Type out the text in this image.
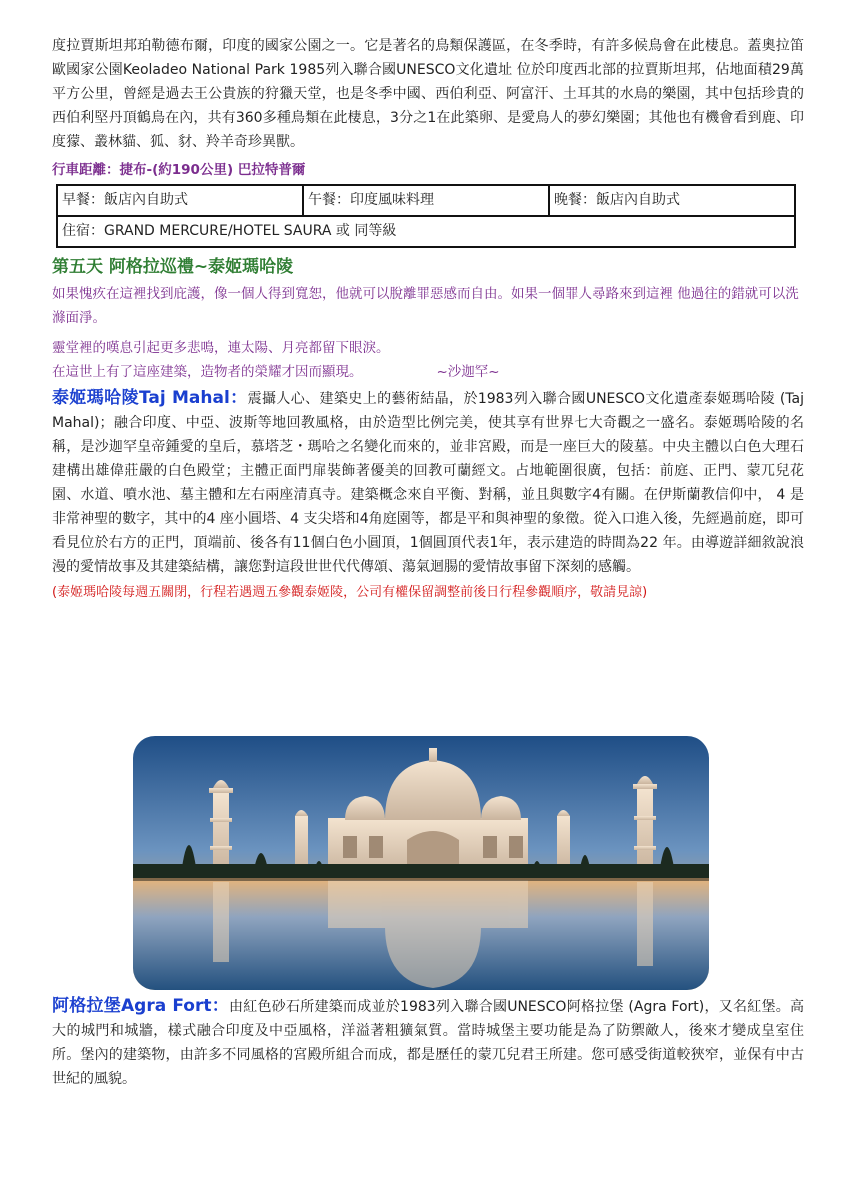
度拉賈斯坦邦珀勒德布爾，印度的國家公園之一。它是著名的鳥類保護區，在冬季時，有許多候鳥會在此棲息。蓋奧拉笛歐國家公園Keoladeo National Park 1985列入聯合國UNESCO文化遺址 位於印度西北部的拉賈斯坦邦，佔地面積29萬平方公里，曾經是過去王公貴族的狩獵天堂，也是冬季中國、西伯利亞、阿富汗、土耳其的水鳥的樂園，其中包括珍貴的西伯利堅丹頂鶴鳥在內，共有360多種鳥類在此棲息，3分之1在此築卵、是愛鳥人的夢幻樂園；其他也有機會看到鹿、印度獴、叢林貓、狐、豺、羚羊奇珍異獸。

行車距離：捷布-(約190公里) 巴拉特普爾
早餐：飯店內自助式	午餐：印度風味料理	晚餐：飯店內自助式
住宿：GRAND MERCURE/HOTEL SAURA 或 同等級
第五天 阿格拉巡禮~泰姬瑪哈陵

如果愧疚在這裡找到庇護，像一個人得到寬恕，他就可以脫離罪惡感而自由。如果一個罪人尋路來到這裡 他過往的錯就可以洗滌面淨。

靈堂裡的嘆息引起更多悲鳴，連太陽、月亮都留下眼淚。

在這世上有了這座建築，造物者的榮耀才因而顯現。	~沙迦罕~

泰姬瑪哈陵Taj Mahal：震攝人心、建築史上的藝術結晶，於1983列入聯合國UNESCO文化遺產泰姬瑪哈陵 (Taj Mahal)；融合印度、中亞、波斯等地回教風格，由於造型比例完美，使其享有世界七大奇觀之一盛名。泰姬瑪哈陵的名稱，是沙迦罕皇帝鍾愛的皇后，慕塔芝・瑪哈之名變化而來的，並非宮殿，而是一座巨大的陵墓。中央主體以白色大理石建構出雄偉莊嚴的白色殿堂；主體正面門扉裝飾著優美的回教可蘭經文。占地範圍很廣，包括：前庭、正門、蒙兀兒花園、水道、噴水池、墓主體和左右兩座清真寺。建築概念來自平衡、對稱，並且與數字4有關。在伊斯蘭教信仰中， 4 是非常神聖的數字，其中的4 座小圓塔、4 支尖塔和4角庭園等，都是平和與神聖的象徵。從入口進入後，先經過前庭，即可看見位於右方的正門，頂端前、後各有11個白色小圓頂，1個圓頂代表1年，表示建造的時間為22 年。由導遊詳細敘說浪漫的愛情故事及其建築結構，讓您對這段世世代代傳頌、蕩氣迴腸的愛情故事留下深刻的感觸。

(泰姬瑪哈陵每週五關閉，行程若遇週五參觀泰姬陵，公司有權保留調整前後日行程參觀順序，敬請見諒)

阿格拉堡Agra Fort：由紅色砂石所建築而成並於1983列入聯合國UNESCO阿格拉堡 (Agra Fort)，又名紅堡。高大的城門和城牆，樣式融合印度及中亞風格，洋溢著粗獷氣質。當時城堡主要功能是為了防禦敵人，後來才變成皇室住所。堡內的建築物，由許多不同風格的宮殿所組合而成，都是歷任的蒙兀兒君王所建。您可感受街道較狹窄，並保有中古世紀的風貌。
